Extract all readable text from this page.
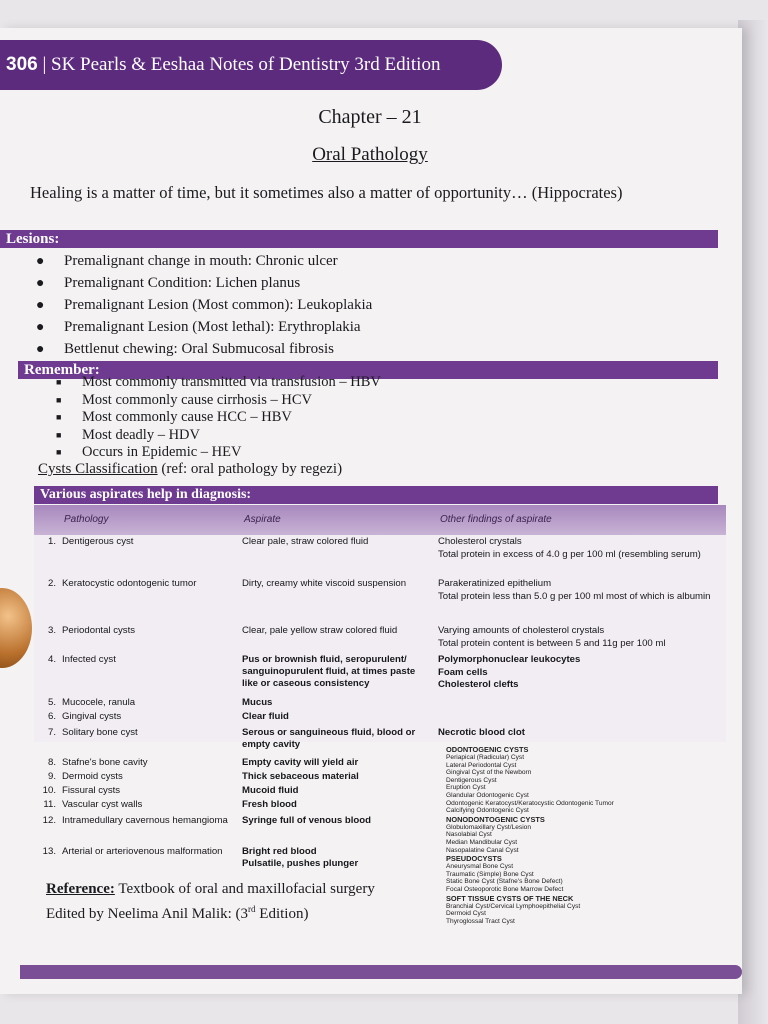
306 | SK Pearls & Eeshaa Notes of Dentistry 3rd Edition
Chapter – 21
Oral Pathology
Healing is a matter of time, but it sometimes also a matter of opportunity… (Hippocrates)
Lesions:
● Premalignant change in mouth: Chronic ulcer
● Premalignant Condition: Lichen planus
● Premalignant Lesion (Most common): Leukoplakia
● Premalignant Lesion (Most lethal): Erythroplakia
● Bettlenut chewing: Oral Submucosal fibrosis
Remember:
■ Most commonly transmitted via transfusion – HBV
■ Most commonly cause cirrhosis – HCV
■ Most commonly cause HCC – HBV
■ Most deadly – HDV
■ Occurs in Epidemic – HEV
Cysts Classification (ref: oral pathology by regezi)
Various aspirates help in diagnosis:
Pathology	Aspirate	Other findings of aspirate
1. Dentigerous cyst	Clear pale, straw colored fluid	Cholesterol crystals
Total protein in excess of 4.0 g per 100 ml (resembling serum)
2. Keratocystic odontogenic tumor	Dirty, creamy white viscoid suspension	Parakeratinized epithelium
Total protein less than 5.0 g per 100 ml most of which is albumin
3. Periodontal cysts	Clear, pale yellow straw colored fluid	Varying amounts of cholesterol crystals
Total protein content is between 5 and 11g per 100 ml
4. Infected cyst	Pus or brownish fluid, seropurulent/ sanguinopurulent fluid, at times paste like or caseous consistency
Polymorphonuclear leukocytes
Foam cells
Cholesterol clefts
5. Mucocele, ranula	Mucus
6. Gingival cysts	Clear fluid
7. Solitary bone cyst	Serous or sanguineous fluid, blood or empty cavity
Necrotic blood clot
8. Stafne's bone cavity	Empty cavity will yield air
9. Dermoid cysts	Thick sebaceous material
10. Fissural cysts	Mucoid fluid
11. Vascular cyst walls	Fresh blood
12. Intramedullary cavernous hemangioma	Syringe full of venous blood
13. Arterial or arteriovenous malformation	Bright red blood
Pulsatile, pushes plunger
ODONTOGENIC CYSTS
Periapical (Radicular) Cyst
Lateral Periodontal Cyst
Gingival Cyst of the Newborn
Dentigerous Cyst
Eruption Cyst
Glandular Odontogenic Cyst
Odontogenic Keratocyst/Keratocystic Odontogenic Tumor
Calcifying Odontogenic Cyst
NONODONTOGENIC CYSTS
Globulomaxillary Cyst/Lesion
Nasolabial Cyst
Median Mandibular Cyst
Nasopalatine Canal Cyst
PSEUDOCYSTS
Aneurysmal Bone Cyst
Traumatic (Simple) Bone Cyst
Static Bone Cyst (Stafne's Bone Defect)
Focal Osteoporotic Bone Marrow Defect
SOFT TISSUE CYSTS OF THE NECK
Branchial Cyst/Cervical Lymphoepithelial Cyst
Dermoid Cyst
Thyroglossal Tract Cyst
Reference: Textbook of oral and maxillofacial surgery
Edited by Neelima Anil Malik: (3rd Edition)
